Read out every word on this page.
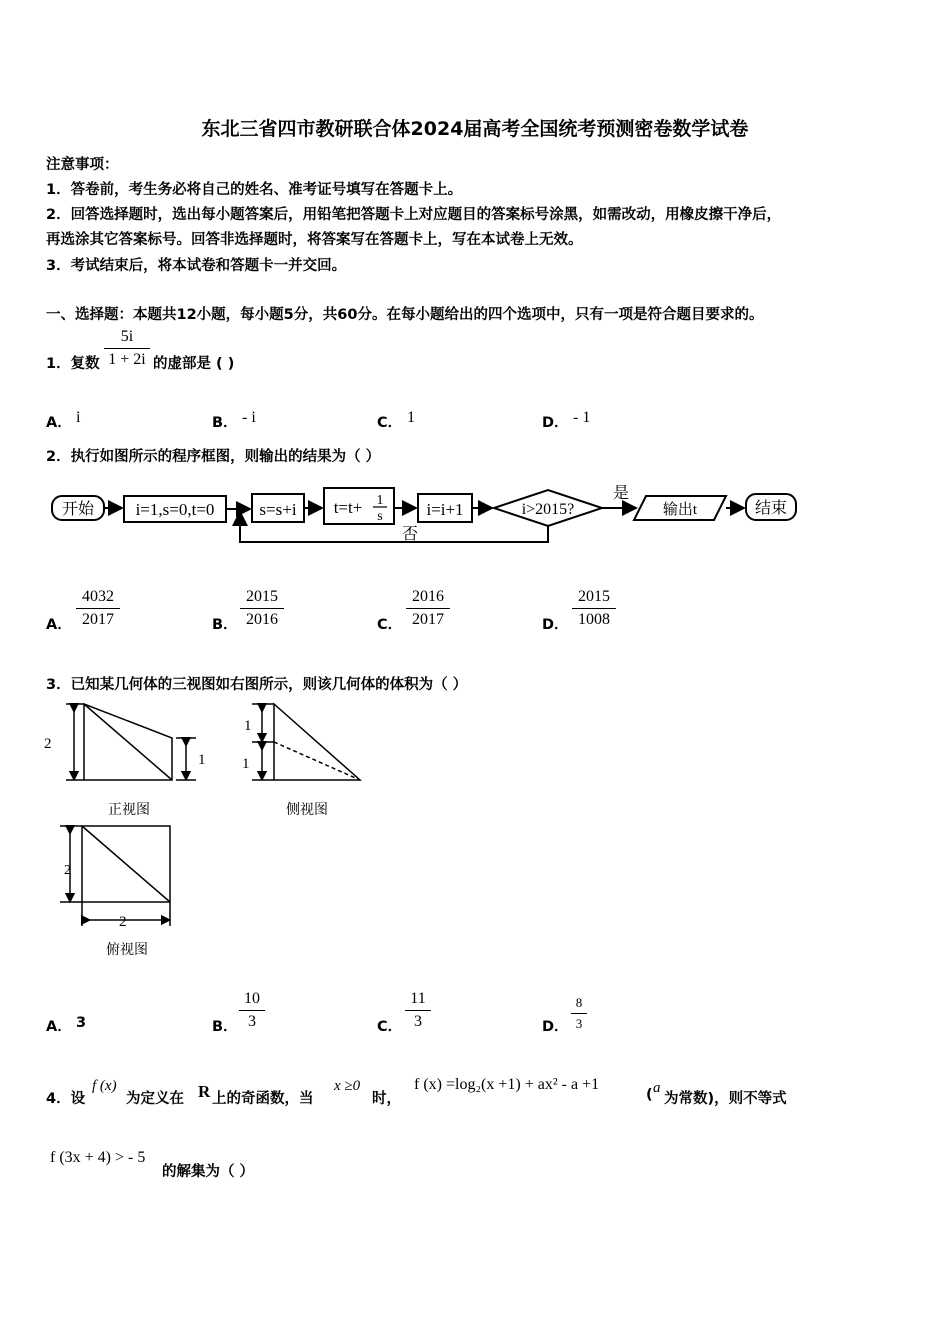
东北三省四市教研联合体2024届高考全国统考预测密卷数学试卷
注意事项：
1．答卷前，考生务必将自己的姓名、准考证号填写在答题卡上。
2．回答选择题时，选出每小题答案后，用铅笔把答题卡上对应题目的答案标号涂黑，如需改动，用橡皮擦干净后，
再选涂其它答案标号。回答非选择题时，将答案写在答题卡上，写在本试卷上无效。
3．考试结束后，将本试卷和答题卡一并交回。
一、选择题：本题共12小题，每小题5分，共60分。在每小题给出的四个选项中，只有一项是符合题目要求的。
1．复数 $\frac{5i}{1 + 2i}$ 的虚部是 ( )
A． i	B． - i	C． 1	D． - 1
2．执行如图所示的程序框图，则输出的结果为（ ）
开始 i=1,s=0,t=0	s=s+i t=t+ 1
s	i=i+1	i>2015?
是
输出t	结束
否
A． $\frac{4032}{2017}$	B． $\frac{2015}{2016}$	C． $\frac{2016}{2017}$	D． $\frac{2015}{1008}$
3．已知某几何体的三视图如右图所示，则该几何体的体积为（ ）
2
1
正视图
1
1
侧视图
2
2
俯视图
A． 3	B． $\frac{10}{3}$	C． $\frac{11}{3}$	D． $\frac{8}{3}$
4．设
f (x)
为定义在 R 上的奇函数，当
x ≥0
时，
f (x) =log₂(x +1) + ax² - a +1
( a
为常数)，则不等式
f (3x + 4) > - 5
的解集为（ ）
